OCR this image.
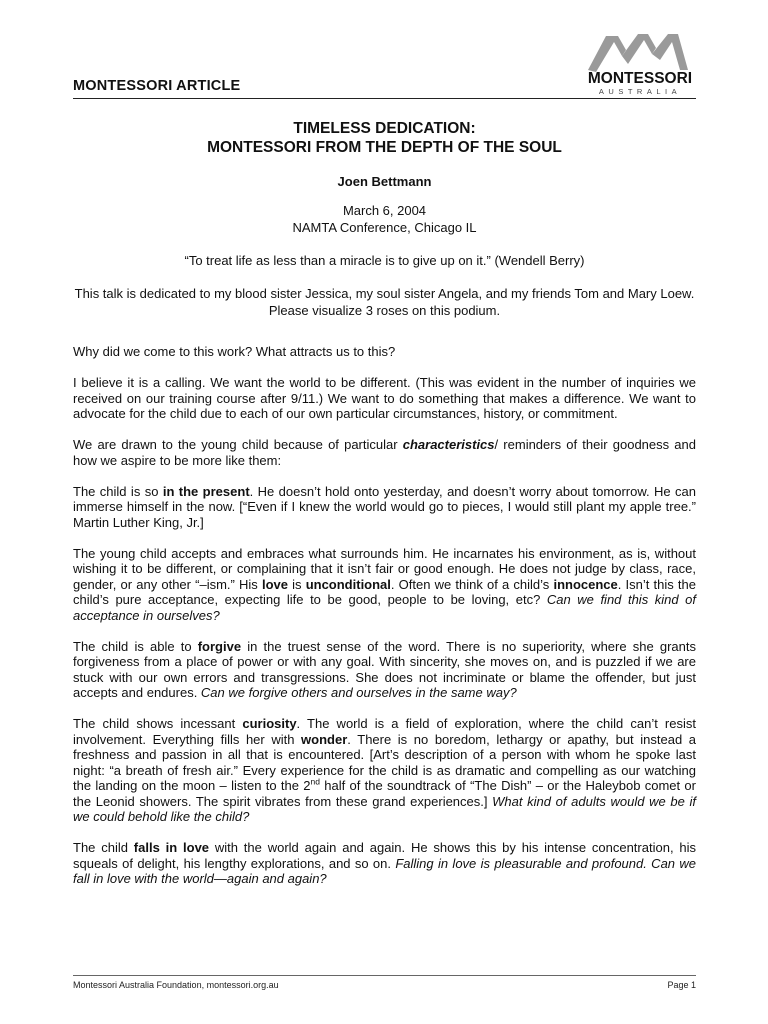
MONTESSORI
AUSTRALIA
MONTESSORI ARTICLE
TIMELESS DEDICATION:
MONTESSORI FROM THE DEPTH OF THE SOUL
Joen Bettmann
March 6, 2004
NAMTA Conference, Chicago IL
“To treat life as less than a miracle is to give up on it.” (Wendell Berry)
This talk is dedicated to my blood sister Jessica, my soul sister Angela, and my friends Tom and Mary Loew. Please visualize 3 roses on this podium.

Why did we come to this work? What attracts us to this?

I believe it is a calling. We want the world to be different. (This was evident in the number of inquiries we received on our training course after 9/11.) We want to do something that makes a difference. We want to advocate for the child due to each of our own particular circumstances, history, or commitment.

We are drawn to the young child because of particular characteristics/ reminders of their goodness and how we aspire to be more like them:

The child is so in the present. He doesn’t hold onto yesterday, and doesn’t worry about tomorrow. He can immerse himself in the now. [“Even if I knew the world would go to pieces, I would still plant my apple tree.” Martin Luther King, Jr.]

The young child accepts and embraces what surrounds him. He incarnates his environment, as is, without wishing it to be different, or complaining that it isn’t fair or good enough. He does not judge by class, race, gender, or any other “–ism.” His love is unconditional. Often we think of a child’s innocence. Isn’t this the child’s pure acceptance, expecting life to be good, people to be loving, etc? Can we find this kind of acceptance in ourselves?

The child is able to forgive in the truest sense of the word. There is no superiority, where she grants forgiveness from a place of power or with any goal. With sincerity, she moves on, and is puzzled if we are stuck with our own errors and transgressions. She does not incriminate or blame the offender, but just accepts and endures. Can we forgive others and ourselves in the same way?

The child shows incessant curiosity. The world is a field of exploration, where the child can’t resist involvement. Everything fills her with wonder. There is no boredom, lethargy or apathy, but instead a freshness and passion in all that is encountered. [Art’s description of a person with whom he spoke last night: “a breath of fresh air.” Every experience for the child is as dramatic and compelling as our watching the landing on the moon – listen to the 2nd half of the soundtrack of “The Dish” – or the Haleybob comet or the Leonid showers. The spirit vibrates from these grand experiences.] What kind of adults would we be if we could behold like the child?

The child falls in love with the world again and again. He shows this by his intense concentration, his squeals of delight, his lengthy explorations, and so on. Falling in love is pleasurable and profound. Can we fall in love with the world—again and again?

Montessori Australia Foundation, montessori.org.au	Page 1
